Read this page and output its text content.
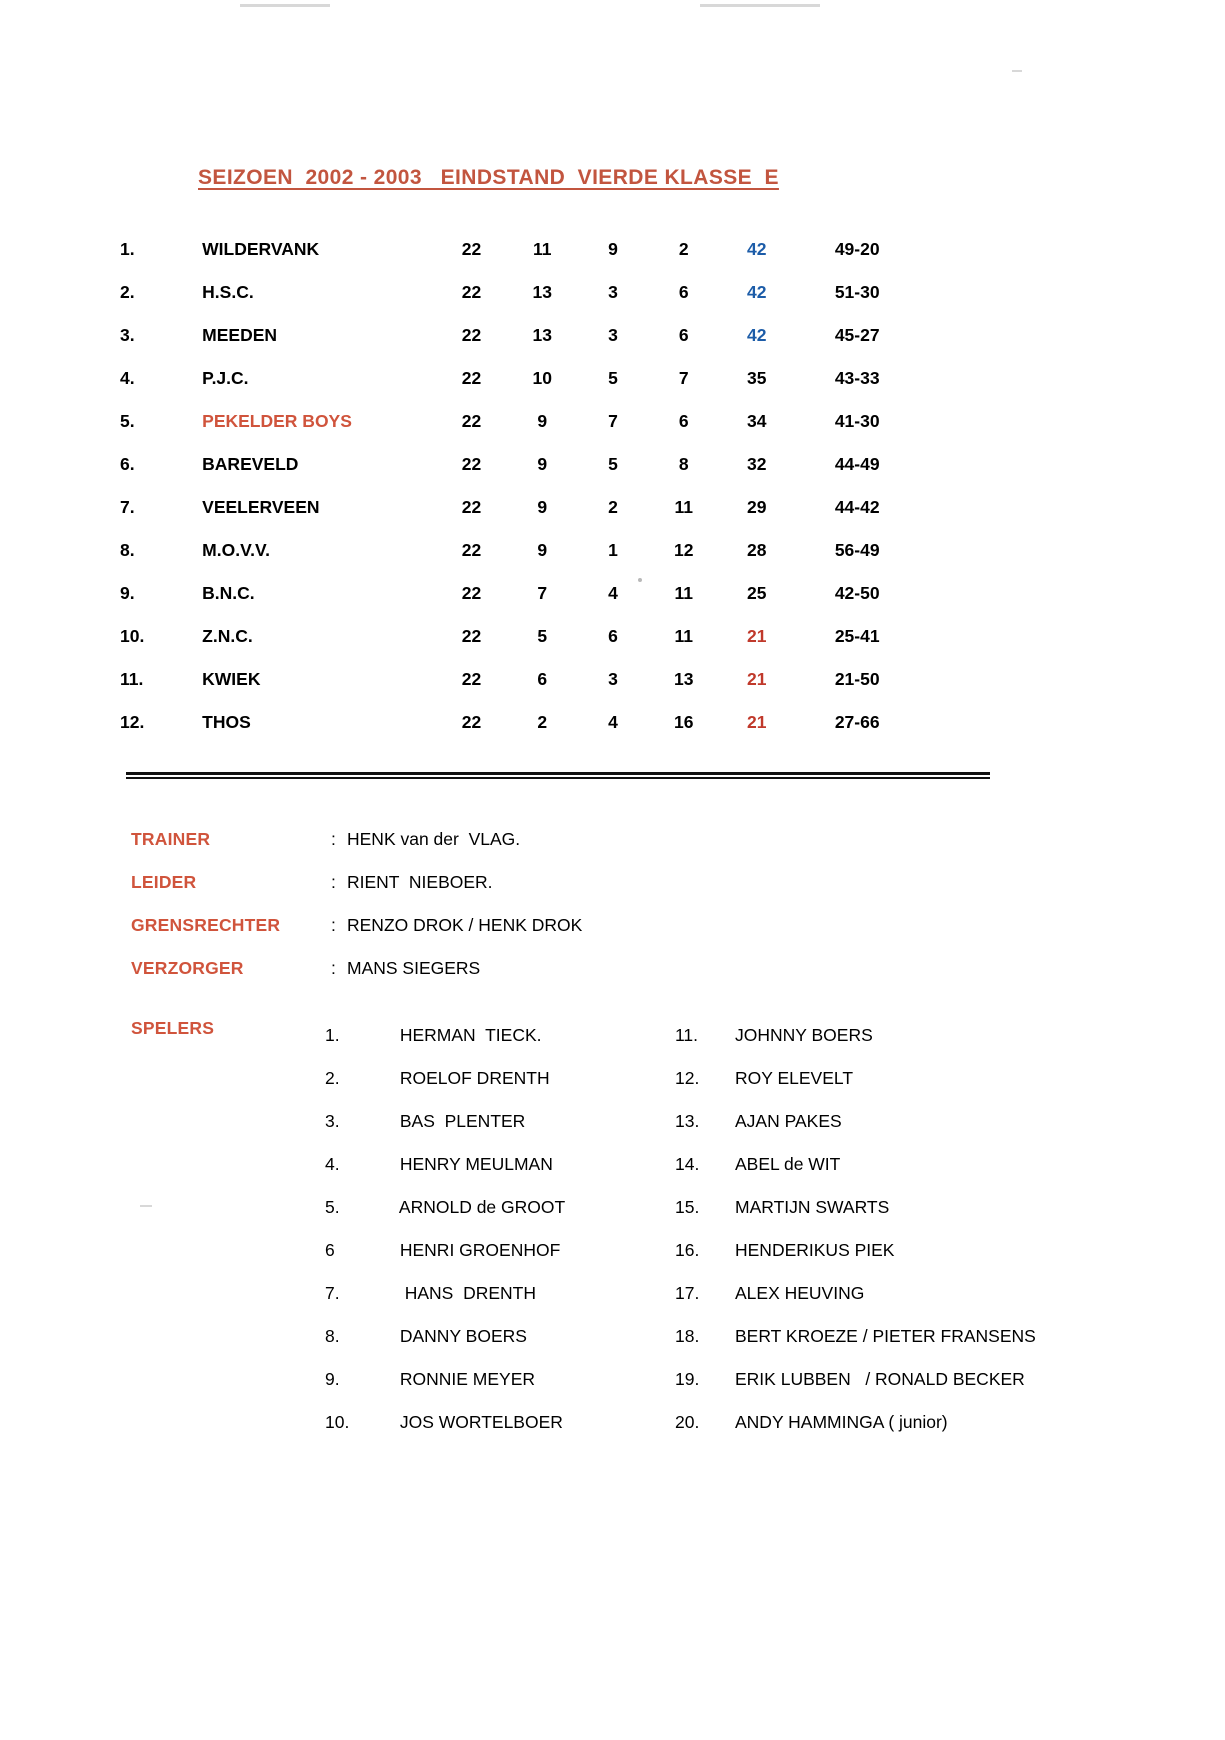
SEIZOEN  2002 - 2003   EINDSTAND  VIERDE KLASSE  E
1.	WILDERVANK	22	11	9	2	42	49-20
2.	H.S.C.	22	13	3	6	42	51-30
3.	MEEDEN	22	13	3	6	42	45-27
4.	P.J.C.	22	10	5	7	35	43-33
5.	PEKELDER BOYS	22	9	7	6	34	41-30
6.	BAREVELD	22	9	5	8	32	44-49
7.	VEELERVEEN	22	9	2	11	29	44-42
8.	M.O.V.V.	22	9	1	12	28	56-49
9.	B.N.C.	22	7	4	11	25	42-50
10.	Z.N.C.	22	5	6	11	21	25-41
11.	KWIEK	22	6	3	13	21	21-50
12.	THOS	22	2	4	16	21	27-66
TRAINER	: HENK van der  VLAG.
LEIDER	: RIENT  NIEBOER.
GRENSRECHTER	: RENZO DROK / HENK DROK
VERZORGER	: MANS SIEGERS
SPELERS	1.	HERMAN  TIECK.	11.	JOHNNY BOERS
2.	ROELOF DRENTH	12.	ROY ELEVELT
3.	BAS  PLENTER	13.	AJAN PAKES
4.	HENRY MEULMAN	14.	ABEL de WIT
5.	ARNOLD de GROOT	15.	MARTIJN SWARTS
6	HENRI GROENHOF	16.	HENDERIKUS PIEK
7.	HANS  DRENTH	17.	ALEX HEUVING
8.	DANNY BOERS	18.	BERT KROEZE / PIETER FRANSENS
9.	RONNIE MEYER	19.	ERIK LUBBEN   / RONALD BECKER
10.	JOS WORTELBOER	20.	ANDY HAMMINGA ( junior)
